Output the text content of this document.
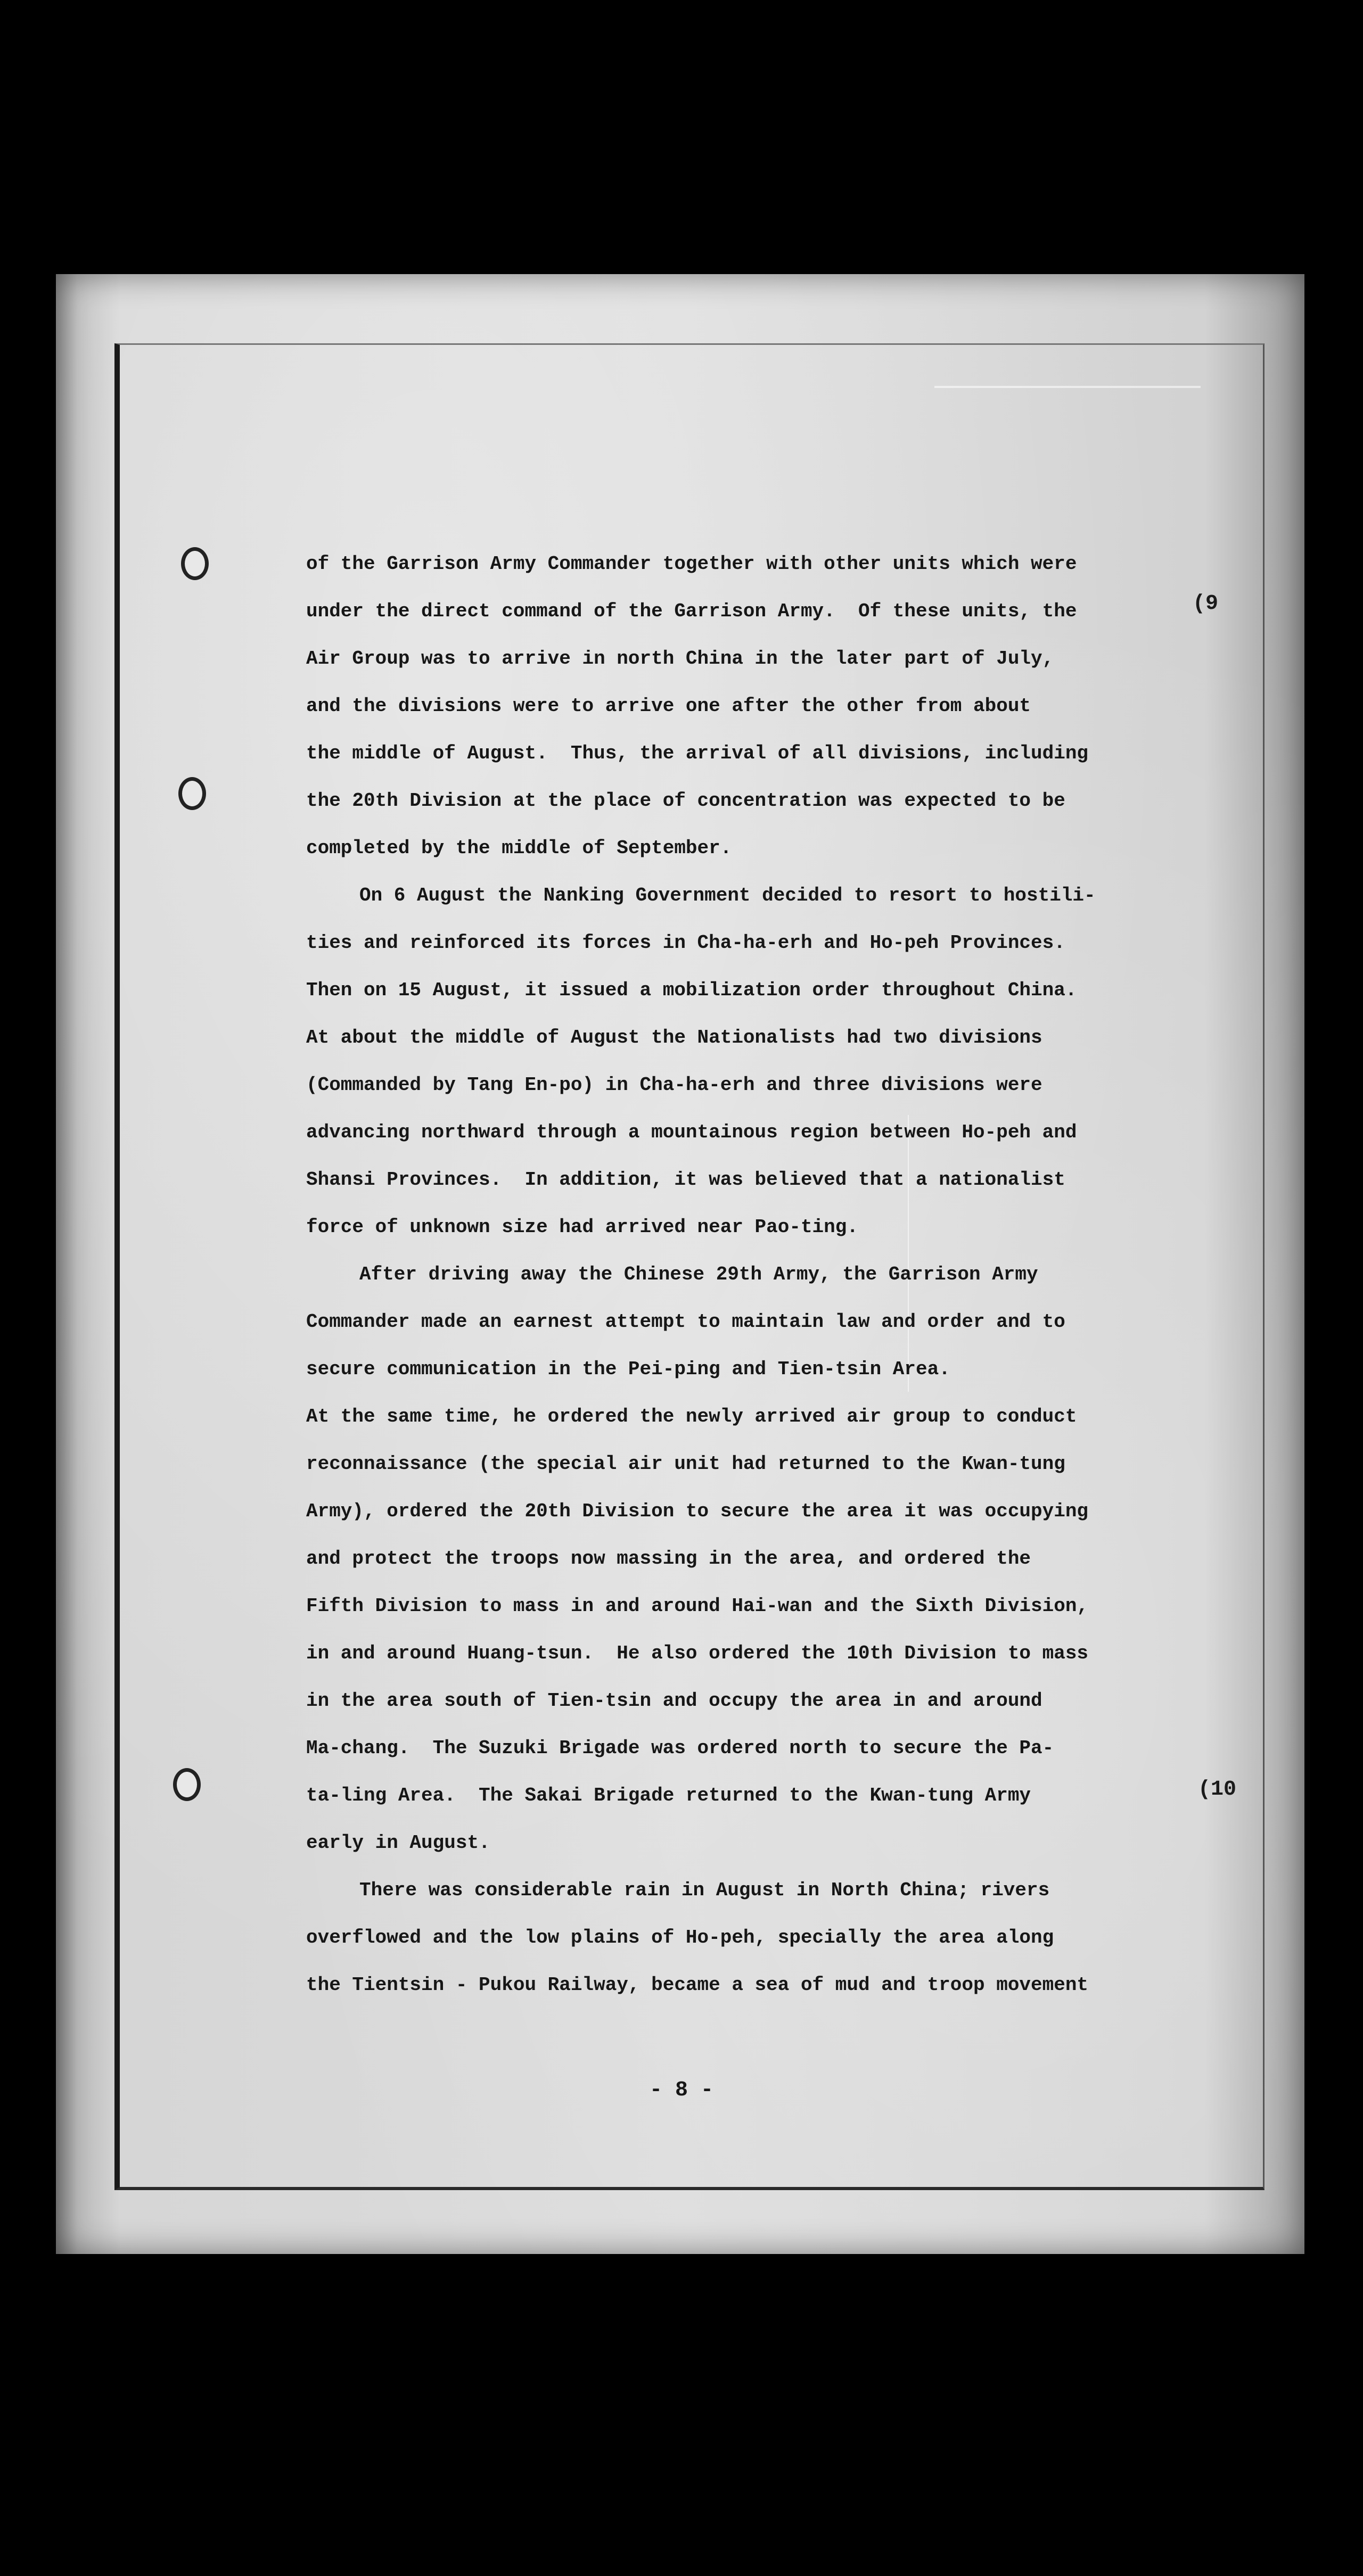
(9
(10
of the Garrison Army Commander together with other units which were
under the direct command of the Garrison Army.  Of these units, the
Air Group was to arrive in north China in the later part of July,
and the divisions were to arrive one after the other from about
the middle of August.  Thus, the arrival of all divisions, including
the 20th Division at the place of concentration was expected to be
completed by the middle of September.
On 6 August the Nanking Government decided to resort to hostili-
ties and reinforced its forces in Cha-ha-erh and Ho-peh Provinces.
Then on 15 August, it issued a mobilization order throughout China.
At about the middle of August the Nationalists had two divisions
(Commanded by Tang En-po) in Cha-ha-erh and three divisions were
advancing northward through a mountainous region between Ho-peh and
Shansi Provinces.  In addition, it was believed that a nationalist
force of unknown size had arrived near Pao-ting.
After driving away the Chinese 29th Army, the Garrison Army
Commander made an earnest attempt to maintain law and order and to
secure communication in the Pei-ping and Tien-tsin Area.
At the same time, he ordered the newly arrived air group to conduct
reconnaissance (the special air unit had returned to the Kwan-tung
Army), ordered the 20th Division to secure the area it was occupying
and protect the troops now massing in the area, and ordered the
Fifth Division to mass in and around Hai-wan and the Sixth Division,
in and around Huang-tsun.  He also ordered the 10th Division to mass
in the area south of Tien-tsin and occupy the area in and around
Ma-chang.  The Suzuki Brigade was ordered north to secure the Pa-
ta-ling Area.  The Sakai Brigade returned to the Kwan-tung Army
early in August.
There was considerable rain in August in North China; rivers
overflowed and the low plains of Ho-peh, specially the area along
the Tientsin - Pukou Railway, became a sea of mud and troop movement
- 8 -
